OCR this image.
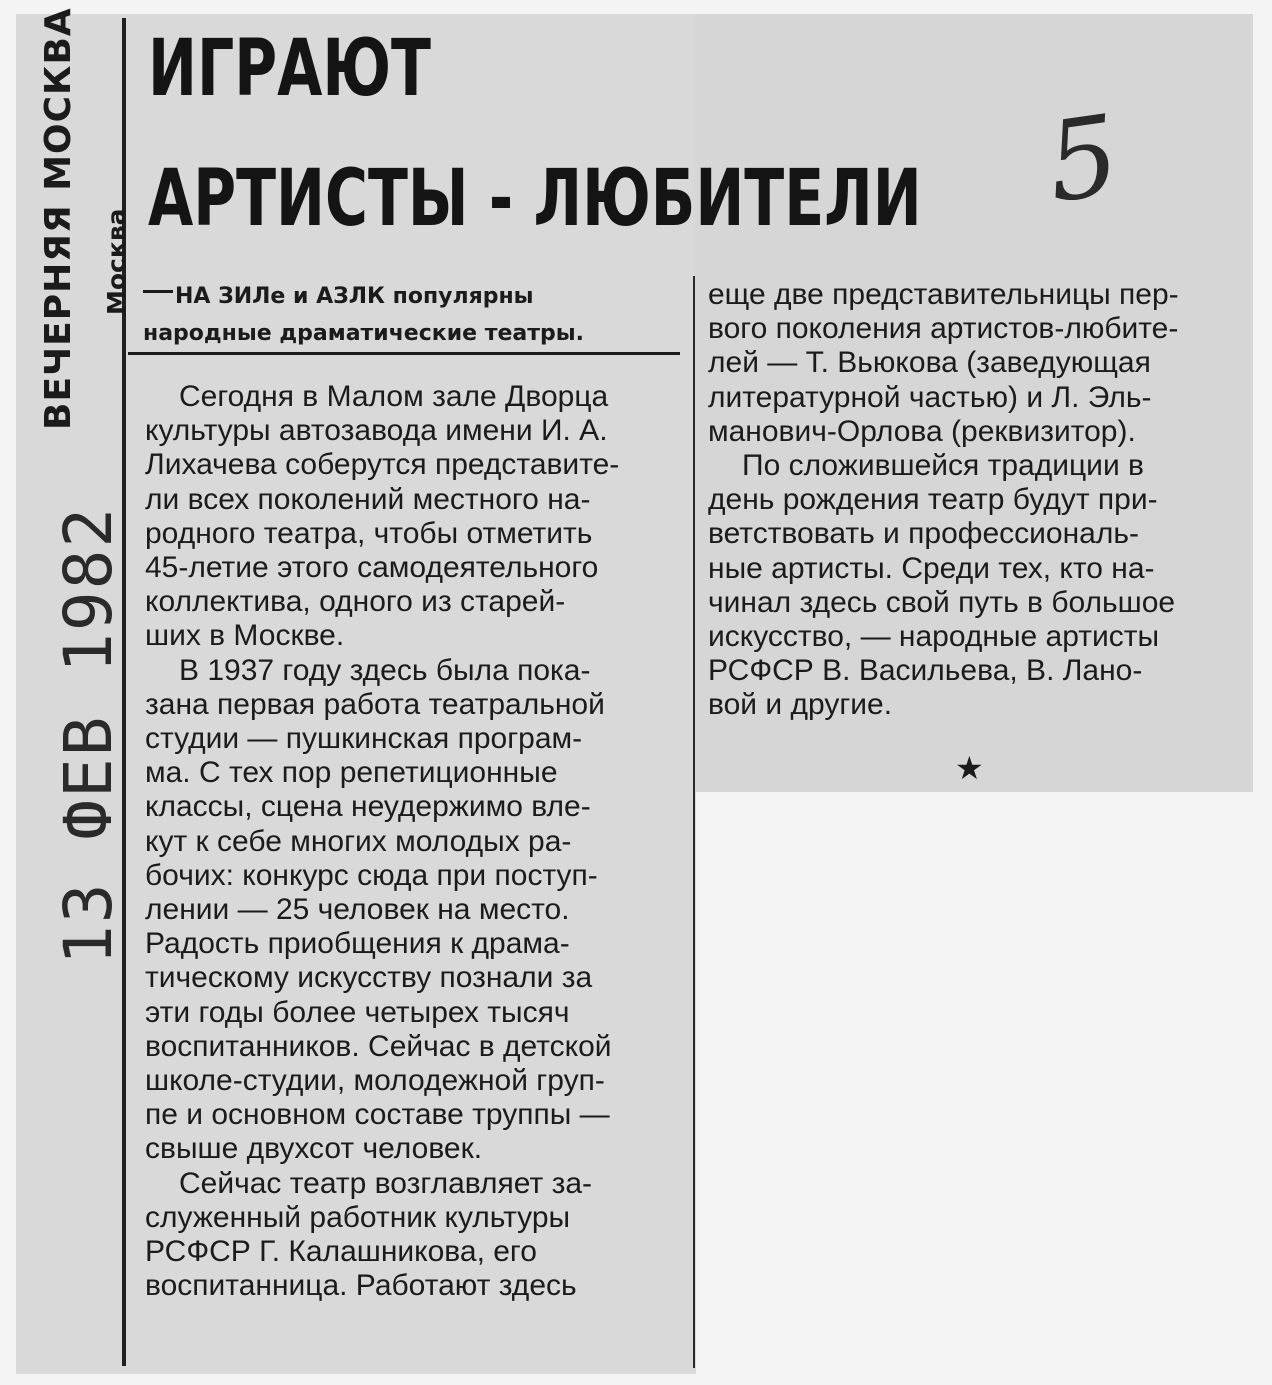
ВЕЧЕРНЯЯ МОСКВА Москва
13 ФЕВ 1982
ИГРАЮТ
АРТИСТЫ - ЛЮБИТЕЛИ 5
НА ЗИЛе и АЗЛК популярны
народные драматические театры.
Сегодня в Малом зале Дворца
культуры автозавода имени И. А.
Лихачева соберутся представите-
ли всех поколений местного на-
родного театра, чтобы отметить
45-летие этого самодеятельного
коллектива, одного из старей-
ших в Москве.
В 1937 году здесь была пока-
зана первая работа театральной
студии — пушкинская програм-
ма. С тех пор репетиционные
классы, сцена неудержимо вле-
кут к себе многих молодых ра-
бочих: конкурс сюда при поступ-
лении — 25 человек на место.
Радость приобщения к драма-
тическому искусству познали за
эти годы более четырех тысяч
воспитанников. Сейчас в детской
школе-студии, молодежной груп-
пе и основном составе труппы —
свыше двухсот человек.
Сейчас театр возглавляет за-
служенный работник культуры
РСФСР Г. Калашникова, его
воспитанница. Работают здесь
еще две представительницы пер-
вого поколения артистов-любите-
лей — Т. Вьюкова (заведующая
литературной частью) и Л. Эль-
манович-Орлова (реквизитор).
По сложившейся традиции в
день рождения театр будут при-
ветствовать и профессиональ-
ные артисты. Среди тех, кто на-
чинал здесь свой путь в большое
искусство, — народные артисты
РСФСР В. Васильева, В. Лано-
вой и другие.
★
